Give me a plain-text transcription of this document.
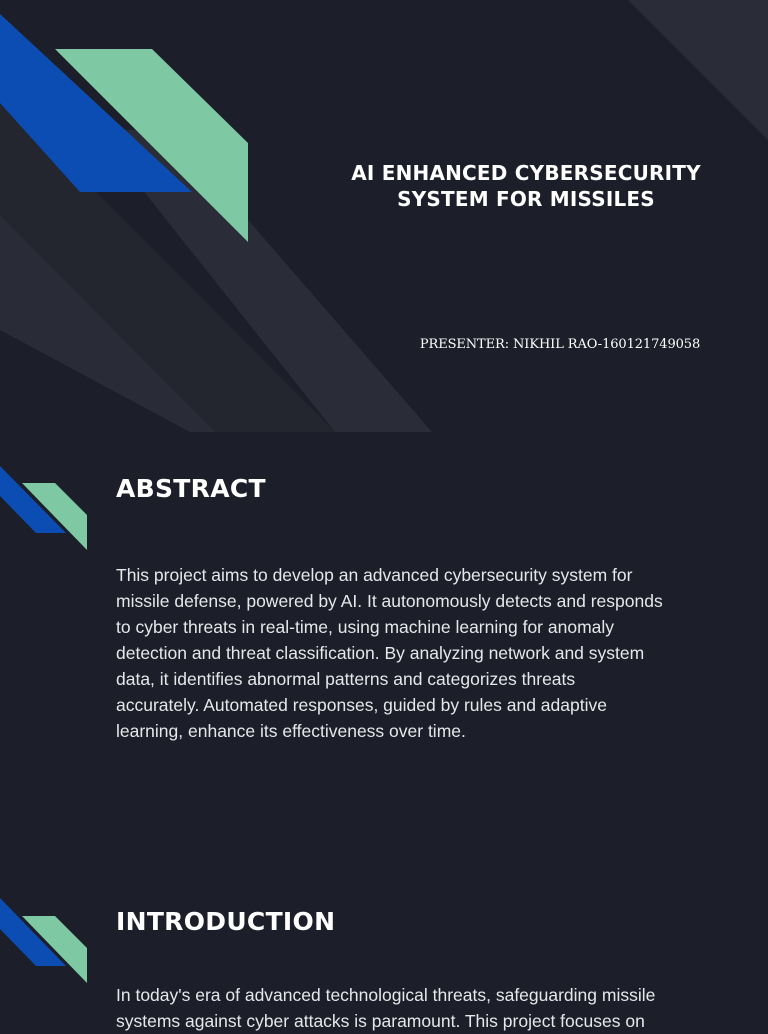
AI ENHANCED CYBERSECURITY
SYSTEM FOR MISSILES
PRESENTER: NIKHIL RAO-160121749058
ABSTRACT
This project aims to develop an advanced cybersecurity system for
missile defense, powered by AI. It autonomously detects and responds
to cyber threats in real-time, using machine learning for anomaly
detection and threat classification. By analyzing network and system
data, it identifies abnormal patterns and categorizes threats
accurately. Automated responses, guided by rules and adaptive
learning, enhance its effectiveness over time.
INTRODUCTION
In today's era of advanced technological threats, safeguarding missile
systems against cyber attacks is paramount. This project focuses on
